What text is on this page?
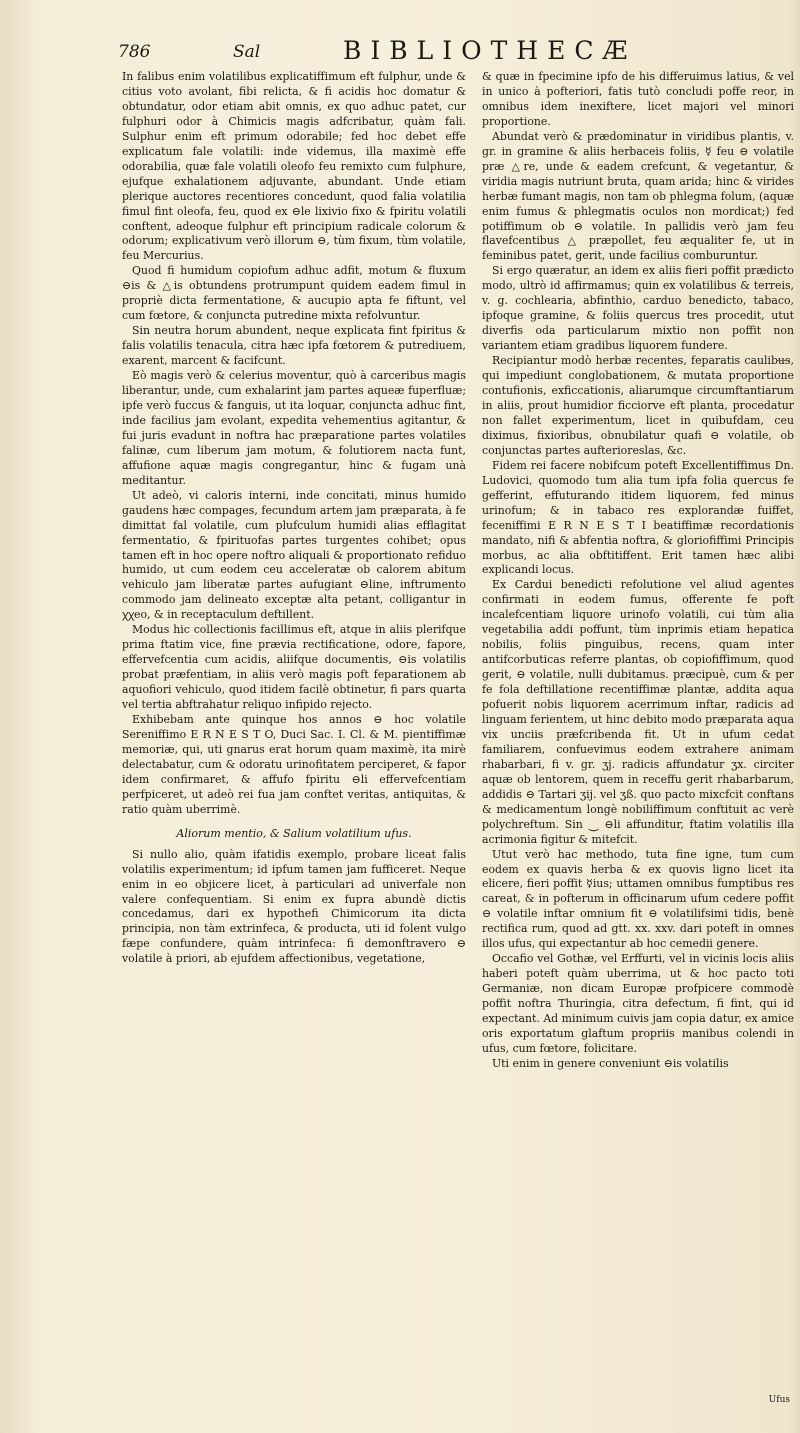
786	Sal	BIBLIOTHECÆ

In falibus enim volatilibus explicatiffimum eft fulphur, unde & citius voto avolant, fibi relicta, & fi acidis hoc domatur & obtundatur, odor etiam abit omnis, ex quo adhuc patet, cur fulphuri odor à Chimicis magis adfcribatur, quàm fali. Sulphur enim eft primum odorabile; fed hoc debet effe explicatum fale volatili: inde videmus, illa maximè effe odorabilia, quæ fale volatili oleofo feu remixto cum fulphure, ejufque exhalationem adjuvante, abundant. Unde etiam plerique auctores recentiores concedunt, quod falia volatilia fimul fint oleofa, feu, quod ex ⊖le lixivio fixo & fpiritu volatili conftent, adeoque fulphur eft principium radicale colorum & odorum; explicativum verò illorum ⊖, tùm fixum, tùm volatile, feu Mercurius.

Quod fi humidum copiofum adhuc adfit, motum & fluxum ⊖is & △is obtundens protrumpunt quidem eadem fimul in propriè dicta fermentatione, & aucupio apta fe fiftunt, vel cum fœtore, & conjuncta putredine mixta refolvuntur.

Sin neutra horum abundent, neque explicata fint fpiritus & falis volatilis tenacula, citra hæc ipfa fœtorem & putrediuem, exarent, marcent & facifcunt.

Eò magis verò & celerius moventur, quò à carceribus magis liberantur, unde, cum exhalarint jam partes aqueæ fuperfluæ; ipfe verò fuccus & fanguis, ut ita loquar, conjuncta adhuc fint, inde facilius jam evolant, expedita vehementius agitantur, & fui juris evadunt in noftra hac præparatione partes volatiles falinæ, cum liberum jam motum, & folutiorem nacta funt, affufione aquæ magis congregantur, hinc & fugam unà meditantur.

Ut adeò, vi caloris interni, inde concitati, minus humido gaudens hæc compages, fecundum artem jam præparata, à fe dimittat fal volatile, cum plufculum humidi alias efflagitat fermentatio, & fpirituofas partes turgentes cohibet; opus tamen eft in hoc opere noftro aliquali & proportionato refiduo humido, ut cum eodem ceu acceleratæ ob calorem abitum vehiculo jam liberatæ partes aufugiant ⊖line, inftrumento commodo jam delineato exceptæ alta petant, colligantur in ꭓꭓeo, & in receptaculum deftillent.

Modus hic collectionis facillimus eft, atque in aliis plerifque prima ftatim vice, fine prævia rectificatione, odore, fapore, effervefcentia cum acidis, aliifque documentis, ⊖is volatilis probat præfentiam, in aliis verò magis poft feparationem ab aquofiori vehiculo, quod itidem facilè obtinetur, fi pars quarta vel tertia abftrahatur reliquo infipido rejecto.

Exhibebam ante quinque hos annos ⊖ hoc volatile Sereniffimo E R N E S T O, Duci Sac. I. Cl. & M. pientiffimæ memoriæ, qui, uti gnarus erat horum quam maximè, ita mirè delectabatur, cum & odoratu urinofitatem perciperet, & fapor idem confirmaret, & affufo fpiritu ⊖li effervefcentiam perfpiceret, ut adeò rei fua jam conftet veritas, antiquitas, & ratio quàm uberrimè.

Aliorum mentio, & Salium volatilium ufus.

Si nullo alio, quàm ifatidis exemplo, probare liceat falis volatilis experimentum; id ipfum tamen jam fufficeret. Neque enim in eo objicere licet, à particulari ad univerfale non valere confequentiam. Si enim ex fupra abundè dictis concedamus, dari ex hypothefi Chimicorum ita dicta principia, non tàm extrinfeca, & producta, uti id folent vulgo fæpe confundere, quàm intrinfeca: fi demonftravero ⊖ volatile à priori, ab ejufdem affectionibus, vegetatione,

& quæ in fpecimine ipfo de his differuimus latius, & vel in unico à pofteriori, fatis tutò concludi poffe reor, in omnibus idem inexiftere, licet majori vel minori proportione.

Abundat verò & prædominatur in viridibus plantis, v. gr. in gramine & aliis herbaceis foliis, ☿ feu ⊖ volatile præ △re, unde & eadem crefcunt, & vegetantur, & viridia magis nutriunt bruta, quam arida; hinc & virides herbæ fumant magis, non tam ob phlegma folum, (aquæ enim fumus & phlegmatis oculos non mordicat;) fed potiffimum ob ⊖ volatile. In pallidis verò jam feu flavefcentibus △ præpollet, feu æqualiter fe, ut in feminibus patet, gerit, unde facilius comburuntur.

Si ergo quæratur, an idem ex aliis fieri poffit prædicto modo, ultrò id affirmamus; quin ex volatilibus & terreis, v. g. cochlearia, abfinthio, carduo benedicto, tabaco, ipfoque gramine, & foliis quercus tres procedit, utut diverfis oda particularum mixtio non poffit non variantem etiam gradibus liquorem fundere.

Recipiantur modò herbæ recentes, feparatis caulibus, qui impediunt conglobationem, & mutata proportione contufionis, exficcationis, aliarumque circumftantiarum in aliis, prout humidior ficciorve eft planta, procedatur non fallet experimentum, licet in quibufdam, ceu diximus, fixioribus, obnubilatur quafi ⊖ volatile, ob conjunctas partes aufterioreslas, &c.

Fidem rei facere nobifcum poteft Excellentiffimus Dn. Ludovici, quomodo tum alia tum ipfa folia quercus fe gefferint, effuturando itidem liquorem, fed minus urinofum; & in tabaco res explorandæ fuiffet, feceniffimi E R N E S T I beatiffimæ recordationis mandato, nifi & abfentia noftra, & gloriofiffimi Principis morbus, ac alia obftitiffent. Erit tamen hæc alibi explicandi locus.

Ex Cardui benedicti refolutione vel aliud agentes confirmati in eodem fumus, offerente fe poft incalefcentiam liquore urinofo volatili, cui tùm alia vegetabilia addi poffunt, tùm inprimis etiam hepatica nobilis, foliis pinguibus, recens, quam inter antifcorbuticas referre plantas, ob copiofiffimum, quod gerit, ⊖ volatile, nulli dubitamus. præcipuè, cum & per fe fola deftillatione recentiffimæ plantæ, addita aqua pofuerit nobis liquorem acerrimum inftar, radicis ad linguam ferientem, ut hinc debito modo præparata aqua vix unciis præfcribenda fit. Ut in ufum cedat familiarem, confuevimus eodem extrahere animam rhabarbari, fi v. gr. ʒj. radicis affundatur ʒx. circiter aquæ ob lentorem, quem in receffu gerit rhabarbarum, addidis ⊖ Tartari ʒij. vel ʒß. quo pacto mixcfcit conftans & medicamentum longè nobiliffimum conftituit ac verè polychreftum. Sin ⏝ ⊖li affunditur, ftatim volatilis illa acrimonia figitur & mitefcit.

Utut verò hac methodo, tuta fine igne, tum cum eodem ex quavis herba & ex quovis ligno licet ita elicere, fieri poffit ☿ius; uttamen omnibus fumptibus res careat, & in pofterum in officinarum ufum cedere poffit ⊖ volatile inftar omnium fit ⊖ volatilifsimi tidis, benè rectifica rum, quod ad gtt. xx. xxv. dari poteft in omnes illos ufus, qui expectantur ab hoc cemedii genere.

Occafio vel Gothæ, vel Erffurti, vel in vicinis locis aliis haberi poteft quàm uberrima, ut & hoc pacto toti Germaniæ, non dicam Europæ profpicere commodè poffit noftra Thuringia, citra defectum, fi fint, qui id expectant. Ad minimum cuivis jam copia datur, ex amice oris exportatum glaftum propriis manibus colendi in ufus, cum fœtore, folicitare.

Uti enim in genere conveniunt ⊖is volatilis

Ufus
